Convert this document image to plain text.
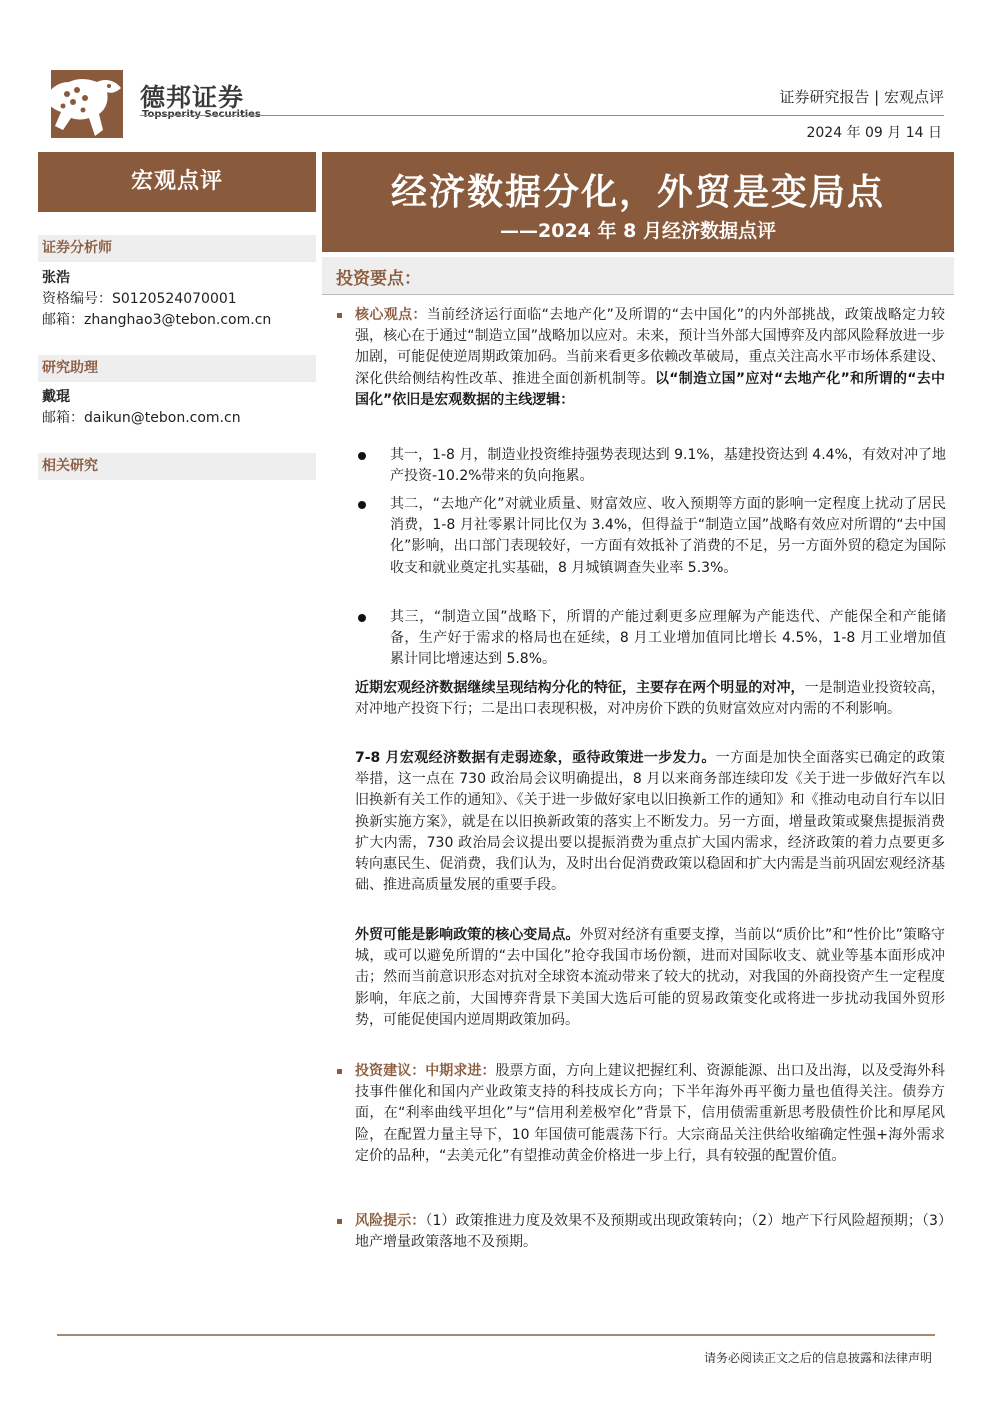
德邦证券	证券研究报告 | 宏观点评
2024 年 09 月 14 日
宏观点评
证券分析师
张浩
资格编号：S0120524070001
邮箱：zhanghao3@tebon.com.cn
研究助理
戴琨
邮箱：daikun@tebon.com.cn
相关研究
经济数据分化，外贸是变局点
——2024 年 8 月经济数据点评
投资要点：
核心观点：当前经济运行面临“去地产化”及所谓的“去中国化”的内外部挑战，政策战略定力较强，核心在于通过“制造立国”战略加以应对。未来，预计当外部大国博弈及内部风险释放进一步加剧，可能促使逆周期政策加码。当前来看更多依赖改革破局，重点关注高水平市场体系建设、深化供给侧结构性改革、推进全面创新机制等。以“制造立国”应对“去地产化”和所谓的“去中国化”依旧是宏观数据的主线逻辑：
其一，1-8 月，制造业投资维持强势表现达到 9.1%，基建投资达到 4.4%，有效对冲了地产投资-10.2%带来的负向拖累。
其二，“去地产化”对就业质量、财富效应、收入预期等方面的影响一定程度上扰动了居民消费，1-8 月社零累计同比仅为 3.4%，但得益于“制造立国”战略有效应对所谓的“去中国化”影响，出口部门表现较好，一方面有效抵补了消费的不足，另一方面外贸的稳定为国际收支和就业奠定扎实基础，8 月城镇调查失业率 5.3%。
其三，“制造立国”战略下，所谓的产能过剩更多应理解为产能迭代、产能保全和产能储备，生产好于需求的格局也在延续，8 月工业增加值同比增长 4.5%，1-8 月工业增加值累计同比增速达到 5.8%。
近期宏观经济数据继续呈现结构分化的特征，主要存在两个明显的对冲，一是制造业投资较高，对冲地产投资下行；二是出口表现积极，对冲房价下跌的负财富效应对内需的不利影响。
7-8 月宏观经济数据有走弱迹象，亟待政策进一步发力。一方面是加快全面落实已确定的政策举措，这一点在 730 政治局会议明确提出，8 月以来商务部连续印发《关于进一步做好汽车以旧换新有关工作的通知》、《关于进一步做好家电以旧换新工作的通知》和《推动电动自行车以旧换新实施方案》，就是在以旧换新政策的落实上不断发力。另一方面，增量政策或聚焦提振消费扩大内需，730 政治局会议提出要以提振消费为重点扩大国内需求，经济政策的着力点要更多转向惠民生、促消费，我们认为，及时出台促消费政策以稳固和扩大内需是当前巩固宏观经济基础、推进高质量发展的重要手段。
外贸可能是影响政策的核心变局点。外贸对经济有重要支撑，当前以“质价比”和“性价比”策略守城，或可以避免所谓的“去中国化”抢夺我国市场份额，进而对国际收支、就业等基本面形成冲击；然而当前意识形态对抗对全球资本流动带来了较大的扰动，对我国的外商投资产生一定程度影响，年底之前，大国博弈背景下美国大选后可能的贸易政策变化或将进一步扰动我国外贸形势，可能促使国内逆周期政策加码。
投资建议：中期求进：股票方面，方向上建议把握红利、资源能源、出口及出海，以及受海外科技事件催化和国内产业政策支持的科技成长方向；下半年海外再平衡力量也值得关注。债券方面，在“利率曲线平坦化”与“信用利差极窄化”背景下，信用债需重新思考股债性价比和厚尾风险，在配置力量主导下，10 年国债可能震荡下行。大宗商品关注供给收缩确定性强+海外需求定价的品种，“去美元化”有望推动黄金价格进一步上行，具有较强的配置价值。
风险提示：（1）政策推进力度及效果不及预期或出现政策转向；（2）地产下行风险超预期；（3）地产增量政策落地不及预期。
请务必阅读正文之后的信息披露和法律声明
